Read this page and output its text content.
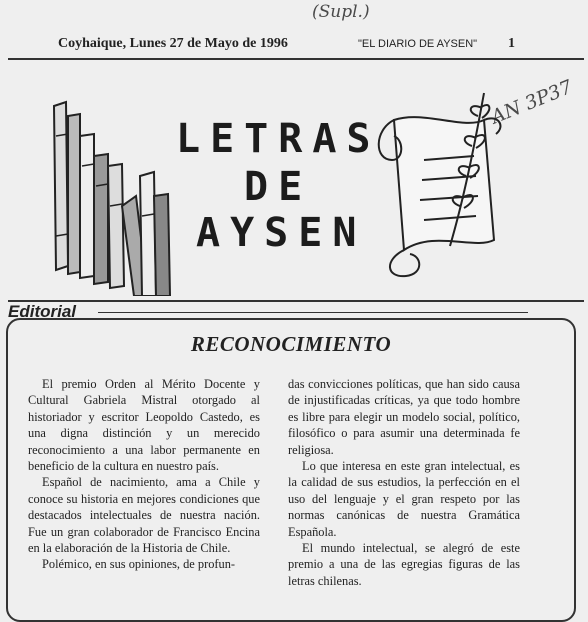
(Supl.)
AN 3P37
Coyhaique, Lunes 27 de Mayo de 1996	"EL DIARIO DE AYSEN" 1
LETRAS
DE
AYSEN
Editorial
RECONOCIMIENTO

El premio Orden al Mérito Docente y Cultural Gabriela Mistral otorgado al historiador y escritor Leopoldo Castedo, es una digna distinción y un merecido reconocimiento a una labor permanente en beneficio de la cultura en nuestro país.

Español de nacimiento, ama a Chile y conoce su historia en mejores condiciones que destacados intelectuales de nuestra nación. Fue un gran colaborador de Francisco Encina en la elaboración de la Historia de Chile.

Polémico, en sus opiniones, de profun-

das convicciones políticas, que han sido causa de injustificadas críticas, ya que todo hombre es libre para elegir un modelo social, político, filosófico o para asumir una determinada fe religiosa.

Lo que interesa en este gran intelectual, es la calidad de sus estudios, la perfección en el uso del lenguaje y el gran respeto por las normas canónicas de nuestra Gramática Española.

El mundo intelectual, se alegró de este premio a una de las egregias figuras de las letras chilenas.
